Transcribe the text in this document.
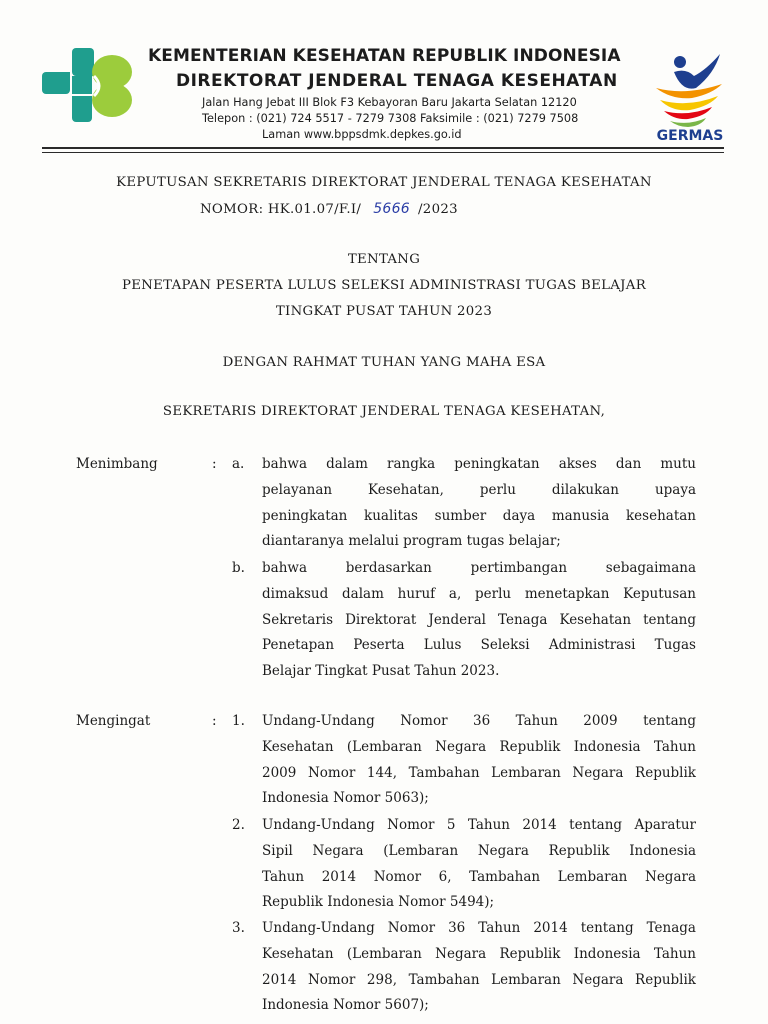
KEMENTERIAN KESEHATAN REPUBLIK INDONESIA
DIREKTORAT JENDERAL TENAGA KESEHATAN
Jalan Hang Jebat III Blok F3 Kebayoran Baru Jakarta Selatan 12120
Telepon : (021) 724 5517 - 7279 7308 Faksimile : (021) 7279 7508
Laman www.bppsdmk.depkes.go.id	GERMAS
KEPUTUSAN SEKRETARIS DIREKTORAT JENDERAL TENAGA KESEHATAN
NOMOR: HK.01.07/F.I/ 5666 /2023
TENTANG
PENETAPAN PESERTA LULUS SELEKSI ADMINISTRASI TUGAS BELAJAR
TINGKAT PUSAT TAHUN 2023
DENGAN RAHMAT TUHAN YANG MAHA ESA
SEKRETARIS DIREKTORAT JENDERAL TENAGA KESEHATAN,
Menimbang	: a. bahwa dalam rangka peningkatan akses dan mutu
pelayanan Kesehatan, perlu dilakukan upaya
peningkatan kualitas sumber daya manusia kesehatan
diantaranya melalui program tugas belajar;
b. bahwa berdasarkan pertimbangan sebagaimana
dimaksud dalam huruf a, perlu menetapkan Keputusan
Sekretaris Direktorat Jenderal Tenaga Kesehatan tentang
Penetapan Peserta Lulus Seleksi Administrasi Tugas
Belajar Tingkat Pusat Tahun 2023.
Mengingat	: 1. Undang-Undang Nomor 36 Tahun 2009 tentang
Kesehatan (Lembaran Negara Republik Indonesia Tahun
2009 Nomor 144, Tambahan Lembaran Negara Republik
Indonesia Nomor 5063);
2. Undang-Undang Nomor 5 Tahun 2014 tentang Aparatur
Sipil Negara (Lembaran Negara Republik Indonesia
Tahun 2014 Nomor 6, Tambahan Lembaran Negara
Republik Indonesia Nomor 5494);
3. Undang-Undang Nomor 36 Tahun 2014 tentang Tenaga
Kesehatan (Lembaran Negara Republik Indonesia Tahun
2014 Nomor 298, Tambahan Lembaran Negara Republik
Indonesia Nomor 5607);
